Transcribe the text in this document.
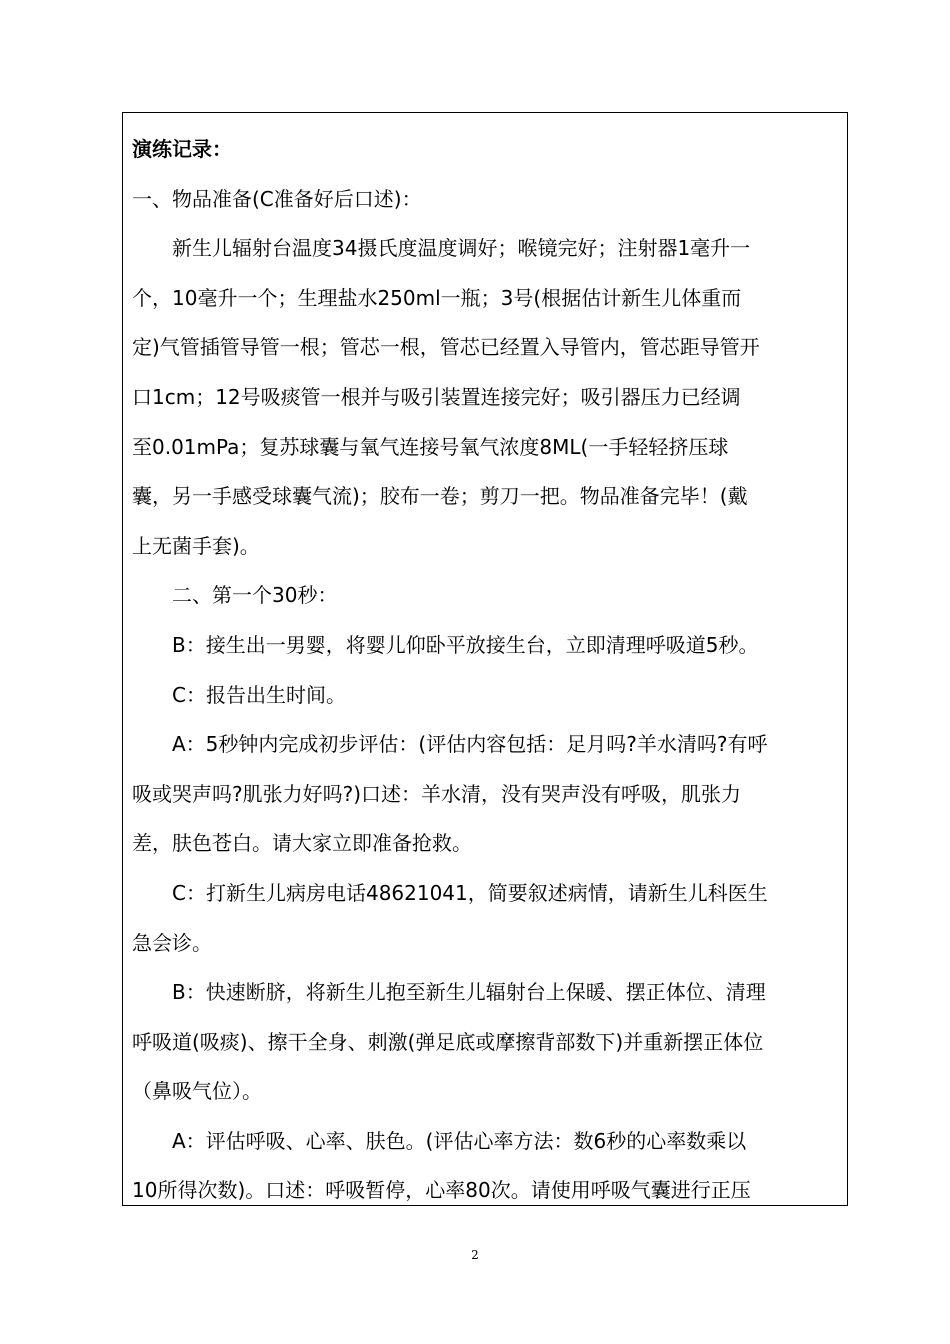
演练记录：
一、物品准备(C准备好后口述)：
新生儿辐射台温度34摄氏度温度调好；喉镜完好；注射器1毫升一
个，10毫升一个；生理盐水250ml一瓶；3号(根据估计新生儿体重而
定)气管插管导管一根；管芯一根，管芯已经置入导管内，管芯距导管开
口1cm；12号吸痰管一根并与吸引装置连接完好；吸引器压力已经调
至0.01mPa；复苏球囊与氧气连接号氧气浓度8ML(一手轻轻挤压球
囊，另一手感受球囊气流)；胶布一卷；剪刀一把。物品准备完毕！(戴
上无菌手套)。
二、第一个30秒：
B：接生出一男婴，将婴儿仰卧平放接生台，立即清理呼吸道5秒。
C：报告出生时间。
A：5秒钟内完成初步评估：(评估内容包括：足月吗?羊水清吗?有呼
吸或哭声吗?肌张力好吗?)口述：羊水清，没有哭声没有呼吸，肌张力
差，肤色苍白。请大家立即准备抢救。
C：打新生儿病房电话48621041，简要叙述病情，请新生儿科医生
急会诊。
B：快速断脐，将新生儿抱至新生儿辐射台上保暖、摆正体位、清理
呼吸道(吸痰)、擦干全身、刺激(弹足底或摩擦背部数下)并重新摆正体位
（鼻吸气位）。
A：评估呼吸、心率、肤色。(评估心率方法：数6秒的心率数乘以
10所得次数)。口述：呼吸暂停，心率80次。请使用呼吸气囊进行正压
2
